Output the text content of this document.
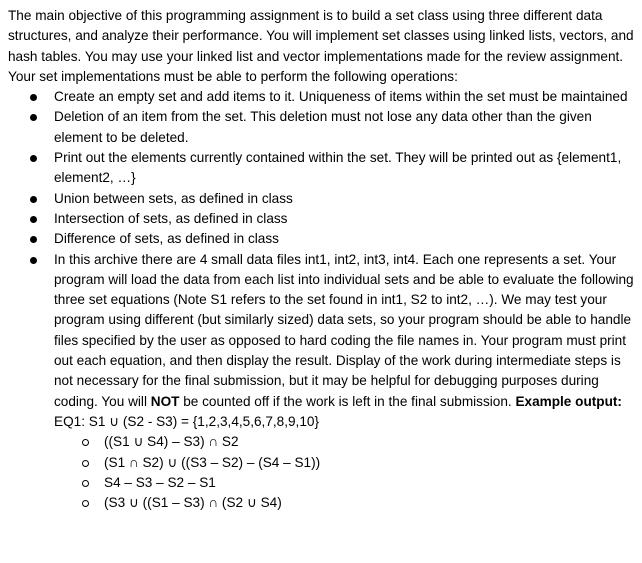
The main objective of this programming assignment is to build a set class using three different data structures, and analyze their performance. You will implement set classes using linked lists, vectors, and hash tables. You may use your linked list and vector implementations made for the review assignment. Your set implementations must be able to perform the following operations:

Create an empty set and add items to it. Uniqueness of items within the set must be maintained
Deletion of an item from the set. This deletion must not lose any data other than the given element to be deleted.
Print out the elements currently contained within the set. They will be printed out as {element1, element2, …}
Union between sets, as defined in class
Intersection of sets, as defined in class
Difference of sets, as defined in class
In this archive there are 4 small data files int1, int2, int3, int4. Each one represents a set. Your program will load the data from each list into individual sets and be able to evaluate the following three set equations (Note S1 refers to the set found in int1, S2 to int2, …). We may test your program using different (but similarly sized) data sets, so your program should be able to handle files specified by the user as opposed to hard coding the file names in. Your program must print out each equation, and then display the result. Display of the work during intermediate steps is not necessary for the final submission, but it may be helpful for debugging purposes during coding. You will NOT be counted off if the work is left in the final submission. Example output: EQ1: S1 ∪ (S2 - S3) = {1,2,3,4,5,6,7,8,9,10}
((S1 ∪ S4) – S3) ∩ S2
(S1 ∩ S2) ∪ ((S3 – S2) – (S4 – S1))
S4 – S3 – S2 – S1
(S3 ∪ ((S1 – S3) ∩ (S2 ∪ S4)
